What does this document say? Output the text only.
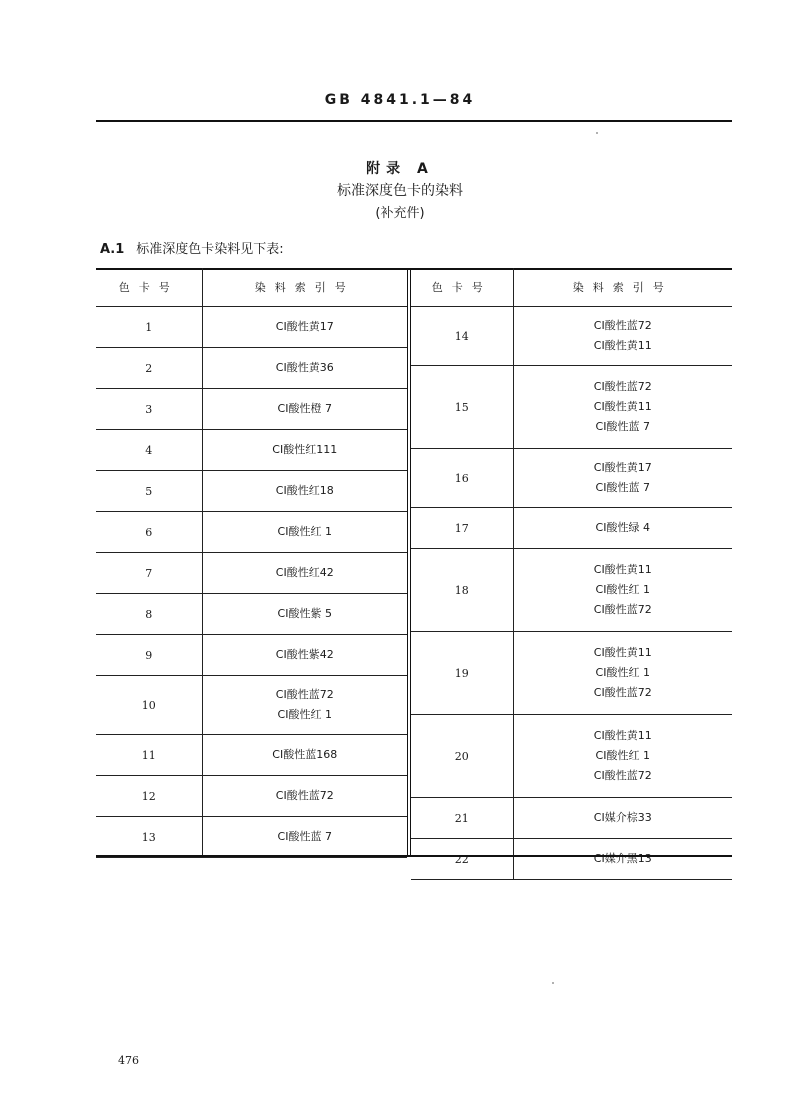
GB 4841.1—84
附录 A
标准深度色卡的染料
(补充件)
A.1 标准深度色卡染料见下表:
色卡号	染料索引号
1	CI酸性黄17

2	CI酸性黄36

3	CI酸性橙 7

4	CI酸性红111

5	CI酸性红18

6	CI酸性红 1

7	CI酸性红42

8	CI酸性紫 5

9	CI酸性紫42

10	CI酸性蓝72
CI酸性红 1

11	CI酸性蓝168

12	CI酸性蓝72

13	CI酸性蓝 7
色卡号	染料索引号
14	CI酸性蓝72
CI酸性黄11

15	CI酸性蓝72
CI酸性黄11
CI酸性蓝 7

16	CI酸性黄17
CI酸性蓝 7

17	CI酸性绿 4

18	CI酸性黄11
CI酸性红 1
CI酸性蓝72

19	CI酸性黄11
CI酸性红 1
CI酸性蓝72

20	CI酸性黄11
CI酸性红 1
CI酸性蓝72

21	CI媒介棕33

22	CI媒介黑13
476
